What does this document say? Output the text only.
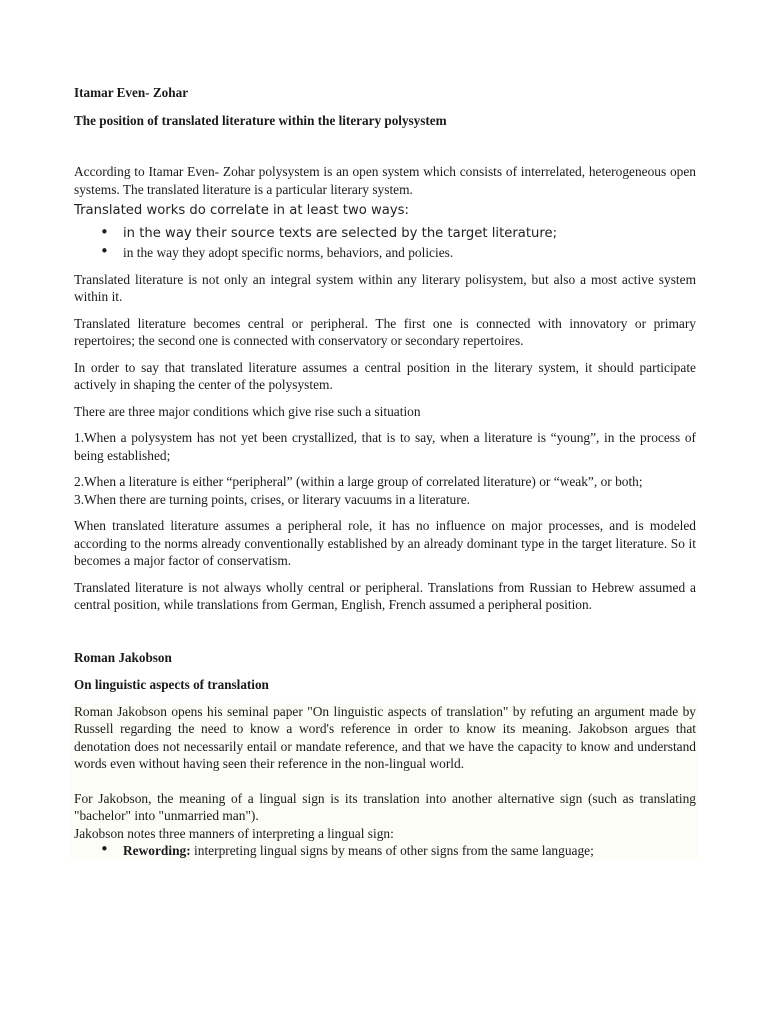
Itamar Even- Zohar

The position of translated literature within the literary polysystem

According to Itamar Even- Zohar polysystem is an open system which consists of interrelated, heterogeneous open systems. The translated literature is a particular literary system.

Translated works do correlate in at least two ways:

• in the way their source texts are selected by the target literature;
• in the way they adopt specific norms, behaviors, and policies.

Translated literature is not only an integral system within any literary polisystem, but also a most active system within it.

Translated literature becomes central or peripheral. The first one is connected with innovatory or primary repertoires; the second one is connected with conservatory or secondary repertoires.

In order to say that translated literature assumes a central position in the literary system, it should participate actively in shaping the center of the polysystem.

There are three major conditions which give rise such a situation

1.When a polysystem has not yet been crystallized, that is to say, when a literature is “young”, in the process of being established;

2.When a literature is either “peripheral” (within a large group of correlated literature) or “weak”, or both;

3.When there are turning points, crises, or literary vacuums in a literature.

When translated literature assumes a peripheral role, it has no influence on major processes, and is modeled according to the norms already conventionally established by an already dominant type in the target literature. So it becomes a major factor of conservatism.

Translated literature is not always wholly central or peripheral. Translations from Russian to Hebrew assumed a central position, while translations from German, English, French assumed a peripheral position.

Roman Jakobson

On linguistic aspects of translation

Roman Jakobson opens his seminal paper "On linguistic aspects of translation" by refuting an argument made by Russell regarding the need to know a word's reference in order to know its meaning. Jakobson argues that denotation does not necessarily entail or mandate reference, and that we have the capacity to know and understand words even without having seen their reference in the non-lingual world.

For Jakobson, the meaning of a lingual sign is its translation into another alternative sign (such as translating "bachelor" into "unmarried man").

Jakobson notes three manners of interpreting a lingual sign:

• Rewording: interpreting lingual signs by means of other signs from the same language;
